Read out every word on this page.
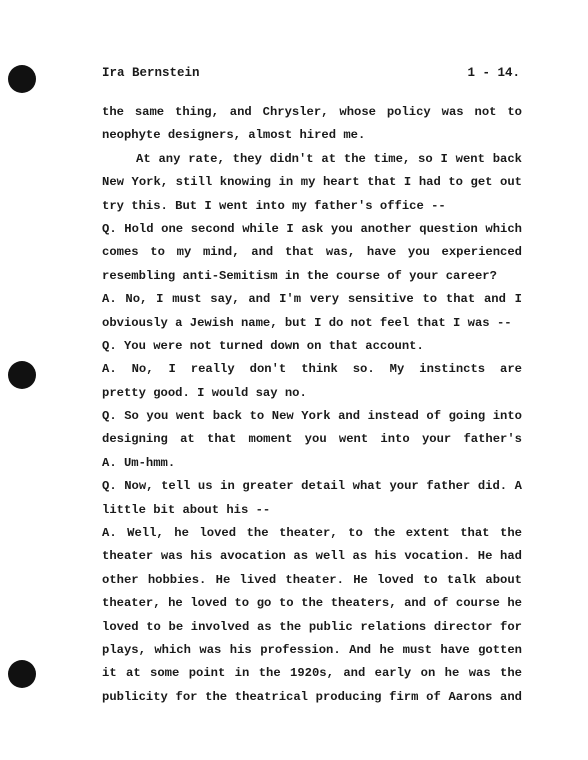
Ira Bernstein	1 - 14.
the same thing, and Chrysler, whose policy was not to
neophyte designers, almost hired me.
At any rate, they didn't at the time, so I went back
New York, still knowing in my heart that I had to get out
try this. But I went into my father's office --
Q. Hold one second while I ask you another question which
comes to my mind, and that was, have you experienced
resembling anti-Semitism in the course of your career?
A. No, I must say, and I'm very sensitive to that and I
obviously a Jewish name, but I do not feel that I was --
Q. You were not turned down on that account.
A. No, I really don't think so. My instincts are
pretty good. I would say no.
Q. So you went back to New York and instead of going into
designing at that moment you went into your father's
A. Um-hmm.
Q. Now, tell us in greater detail what your father did. A
little bit about his --
A. Well, he loved the theater, to the extent that the
theater was his avocation as well as his vocation. He had
other hobbies. He lived theater. He loved to talk about
theater, he loved to go to the theaters, and of course he
loved to be involved as the public relations director for
plays, which was his profession. And he must have gotten
it at some point in the 1920s, and early on he was the
publicity for the theatrical producing firm of Aarons and
